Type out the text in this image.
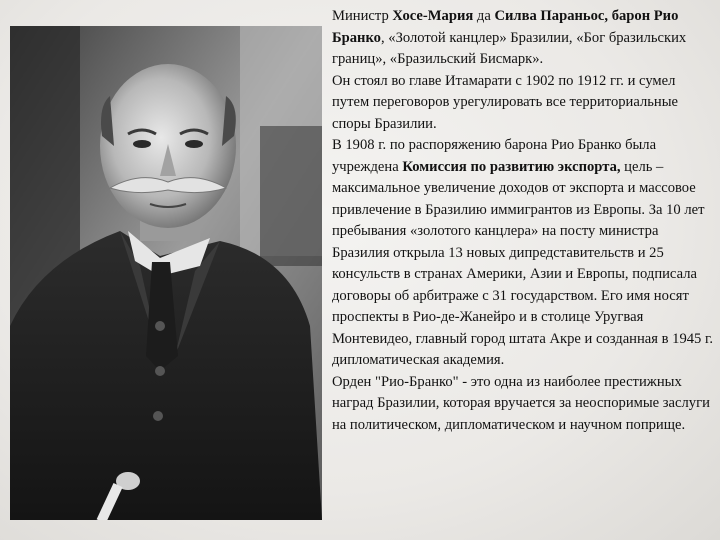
Министр Хосе-Мария да Силва Параньос, барон Рио Бранко, «Золотой канцлер» Бразилии, «Бог бразильских границ», «Бразильский Бисмарк».

Он стоял во главе Итамарати с 1902 по 1912 гг. и сумел путем переговоров урегулировать все территориальные споры Бразилии.

В 1908 г. по распоряжению барона Рио Бранко была учреждена Комиссия по развитию экспорта, цель – максимальное увеличение доходов от экспорта и массовое привлечение в Бразилию иммигрантов из Европы. За 10 лет пребывания «золотого канцлера» на посту министра Бразилия открыла 13 новых дипредставительств и 25 консульств в странах Америки, Азии и Европы, подписала договоры об арбитраже с 31 государством. Его имя носят проспекты в Рио-де-Жанейро и в столице Уругвая Монтевидео, главный город штата Акре и созданная в 1945 г. дипломатическая академия.

Орден "Рио-Бранко" - это одна из наиболее престижных наград Бразилии, которая вручается за неоспоримые заслуги на политическом, дипломатическом и научном поприще.
